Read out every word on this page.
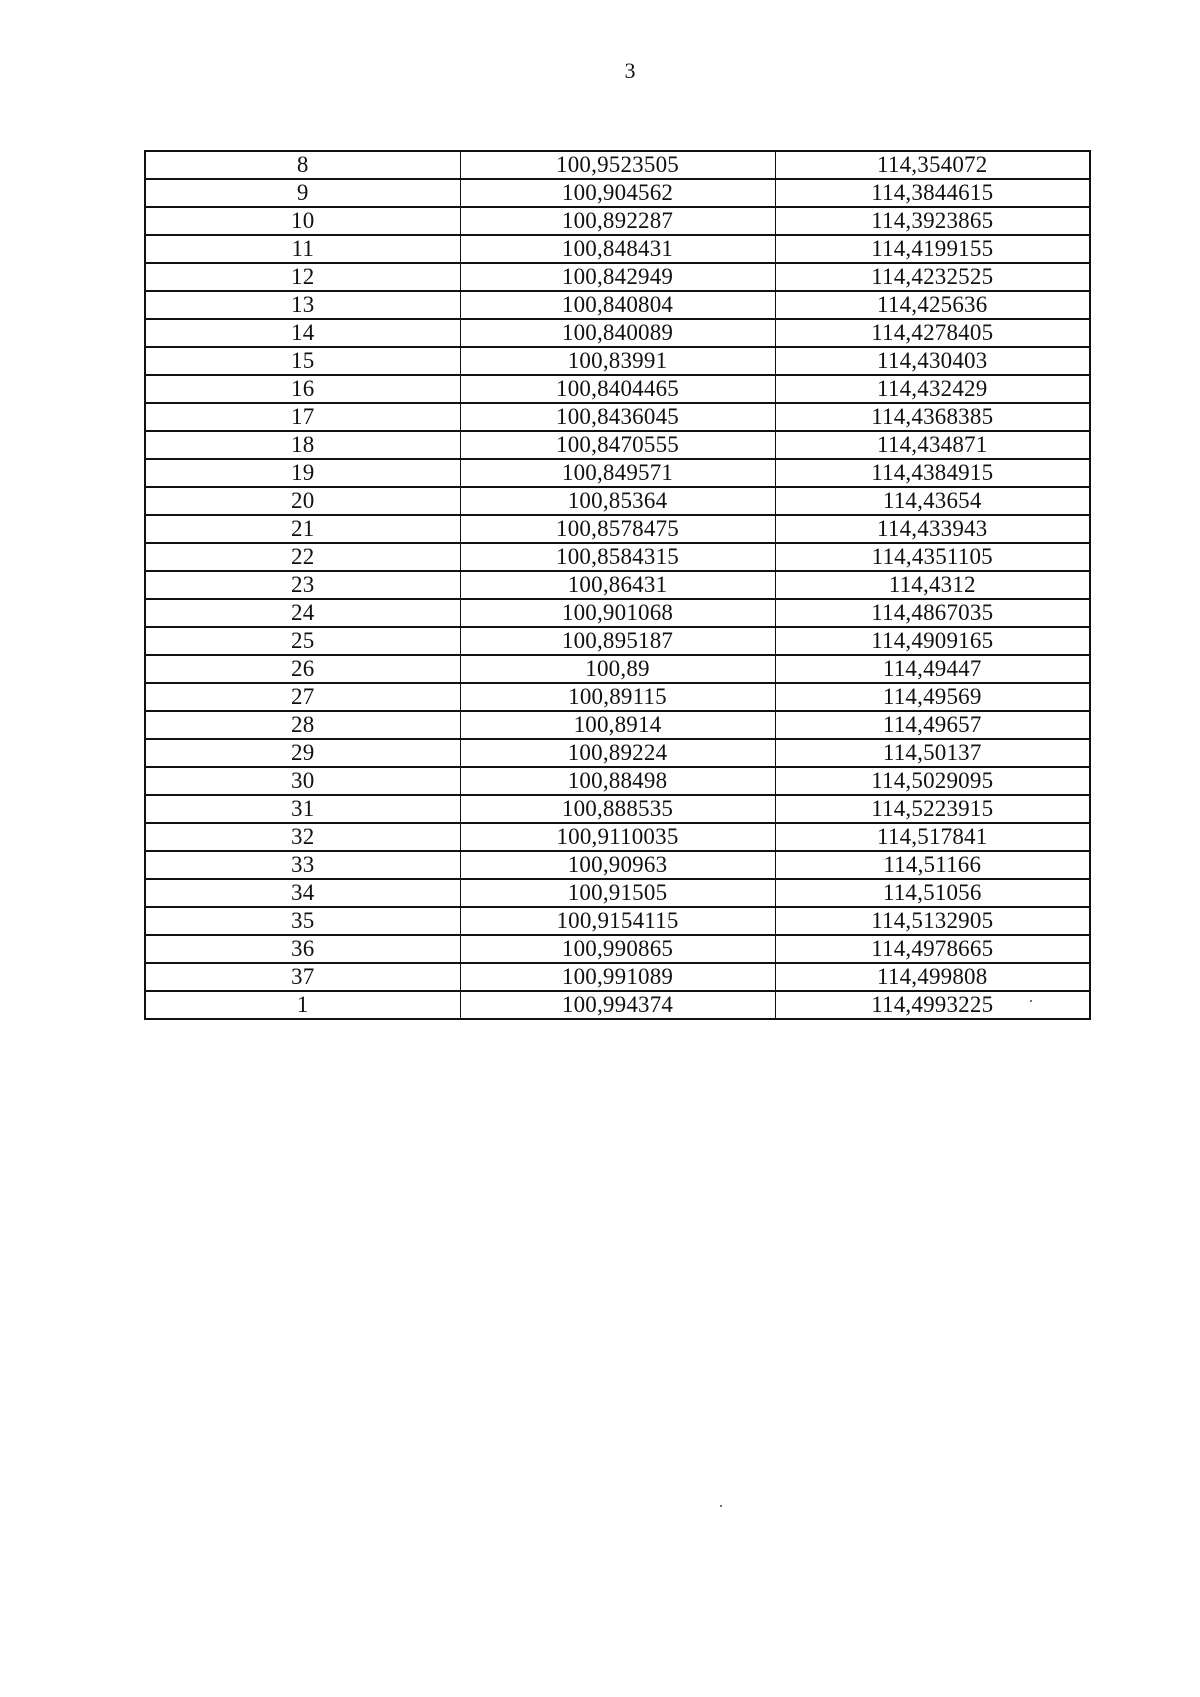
3
8	100,9523505	114,354072
9	100,904562	114,3844615
10	100,892287	114,3923865
11	100,848431	114,4199155
12	100,842949	114,4232525
13	100,840804	114,425636
14	100,840089	114,4278405
15	100,83991	114,430403
16	100,8404465	114,432429
17	100,8436045	114,4368385
18	100,8470555	114,434871
19	100,849571	114,4384915
20	100,85364	114,43654
21	100,8578475	114,433943
22	100,8584315	114,4351105
23	100,86431	114,4312
24	100,901068	114,4867035
25	100,895187	114,4909165
26	100,89	114,49447
27	100,89115	114,49569
28	100,8914	114,49657
29	100,89224	114,50137
30	100,88498	114,5029095
31	100,888535	114,5223915
32	100,9110035	114,517841
33	100,90963	114,51166
34	100,91505	114,51056
35	100,9154115	114,5132905
36	100,990865	114,4978665
37	100,991089	114,499808
1	100,994374	114,4993225
